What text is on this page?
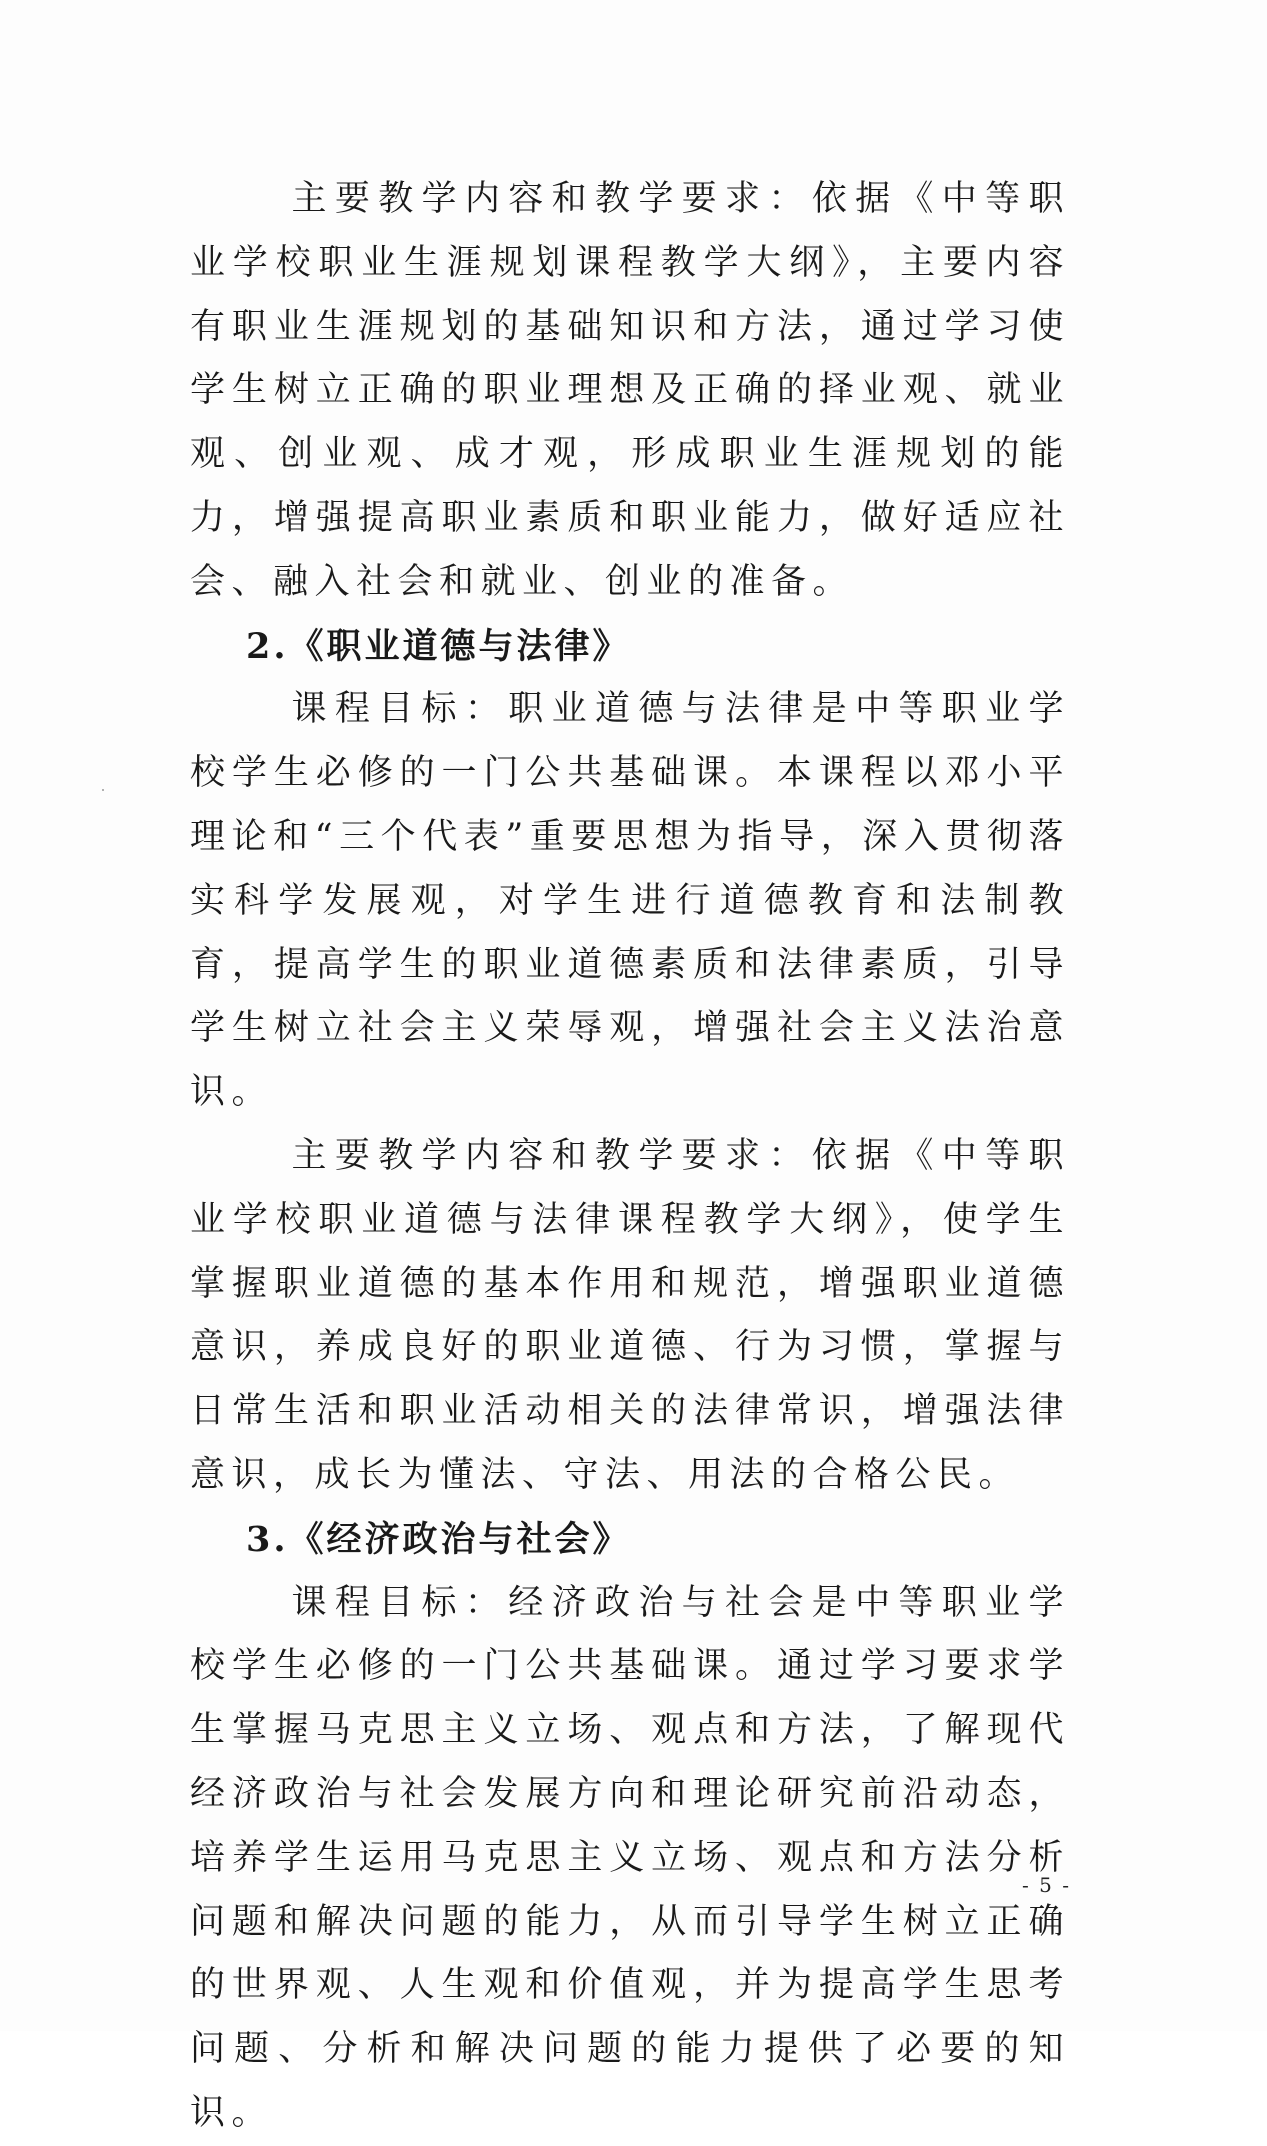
主要教学内容和教学要求：依据《中等职业学校职业生涯规划课程教学大纲》，主要内容有职业生涯规划的基础知识和方法，通过学习使学生树立正确的职业理想及正确的择业观、就业观、创业观、成才观，形成职业生涯规划的能力，增强提高职业素质和职业能力，做好适应社会、融入社会和就业、创业的准备。

2.《职业道德与法律》

课程目标：职业道德与法律是中等职业学校学生必修的一门公共基础课。本课程以邓小平理论和“三个代表”重要思想为指导，深入贯彻落实科学发展观，对学生进行道德教育和法制教育，提高学生的职业道德素质和法律素质，引导学生树立社会主义荣辱观，增强社会主义法治意识。

主要教学内容和教学要求：依据《中等职业学校职业道德与法律课程教学大纲》，使学生掌握职业道德的基本作用和规范，增强职业道德意识，养成良好的职业道德、行为习惯，掌握与日常生活和职业活动相关的法律常识，增强法律意识，成长为懂法、守法、用法的合格公民。

3.《经济政治与社会》

课程目标：经济政治与社会是中等职业学校学生必修的一门公共基础课。通过学习要求学生掌握马克思主义立场、观点和方法，了解现代经济政治与社会发展方向和理论研究前沿动态，培养学生运用马克思主义立场、观点和方法分析问题和解决问题的能力，从而引导学生树立正确的世界观、人生观和价值观，并为提高学生思考问题、分析和解决问题的能力提供了必要的知识。

- 5 -
